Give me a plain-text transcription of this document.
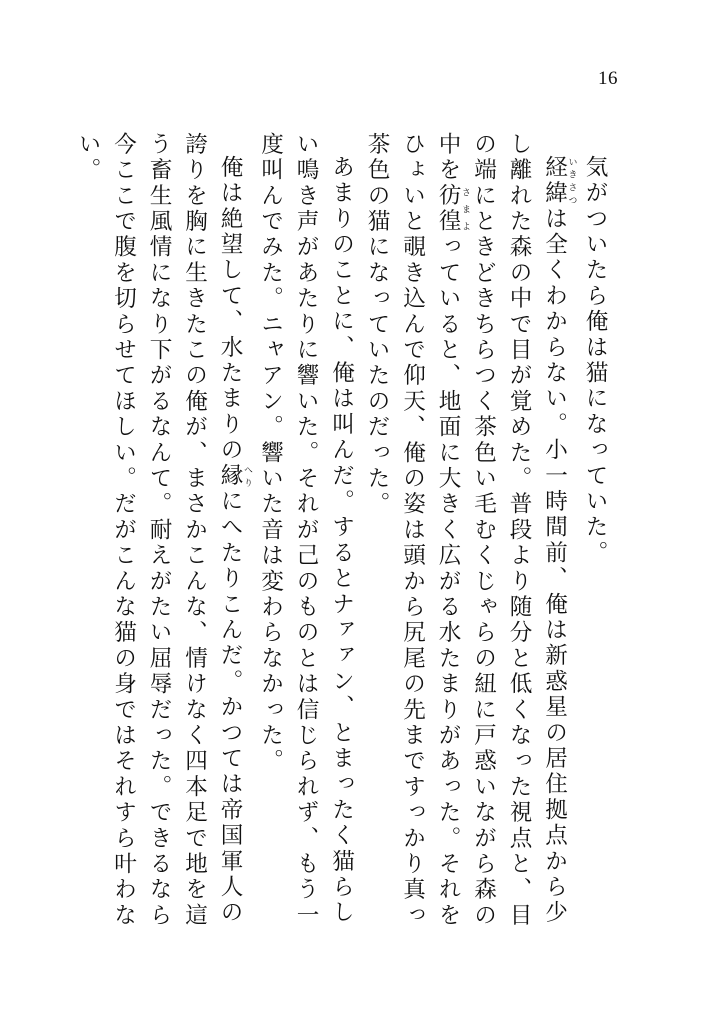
16

気がついたら俺は猫になっていた。

経緯 いきさつは全くわからない。小一時間前、俺は新惑星の居住拠点から少し離れた森の中で目が覚めた。普段より随分と低くなった視点と、目の端にときどきちらつく茶色い毛むくじゃらの紐に戸惑いながら森の中を彷徨 さまよっていると、地面に大きく広がる水たまりがあった。それをひょいと覗き込んで仰天、俺の姿は頭から尻尾の先まですっかり真っ茶色の猫になっていたのだった。

あまりのことに、俺は叫んだ。するとナァァン、とまったく猫らしい鳴き声があたりに響いた。それが己のものとは信じられず、もう一度叫んでみた。ニャアン。響いた音は変わらなかった。

俺は絶望して、水たまりの縁 へりにへたりこんだ。かつては帝国軍人の誇りを胸に生きたこの俺が、まさかこんな、情けなく四本足で地を這う畜生風情になり下がるなんて。耐えがたい屈辱だった。できるなら今ここで腹を切らせてほしい。だがこんな猫の身ではそれすら叶わない。
